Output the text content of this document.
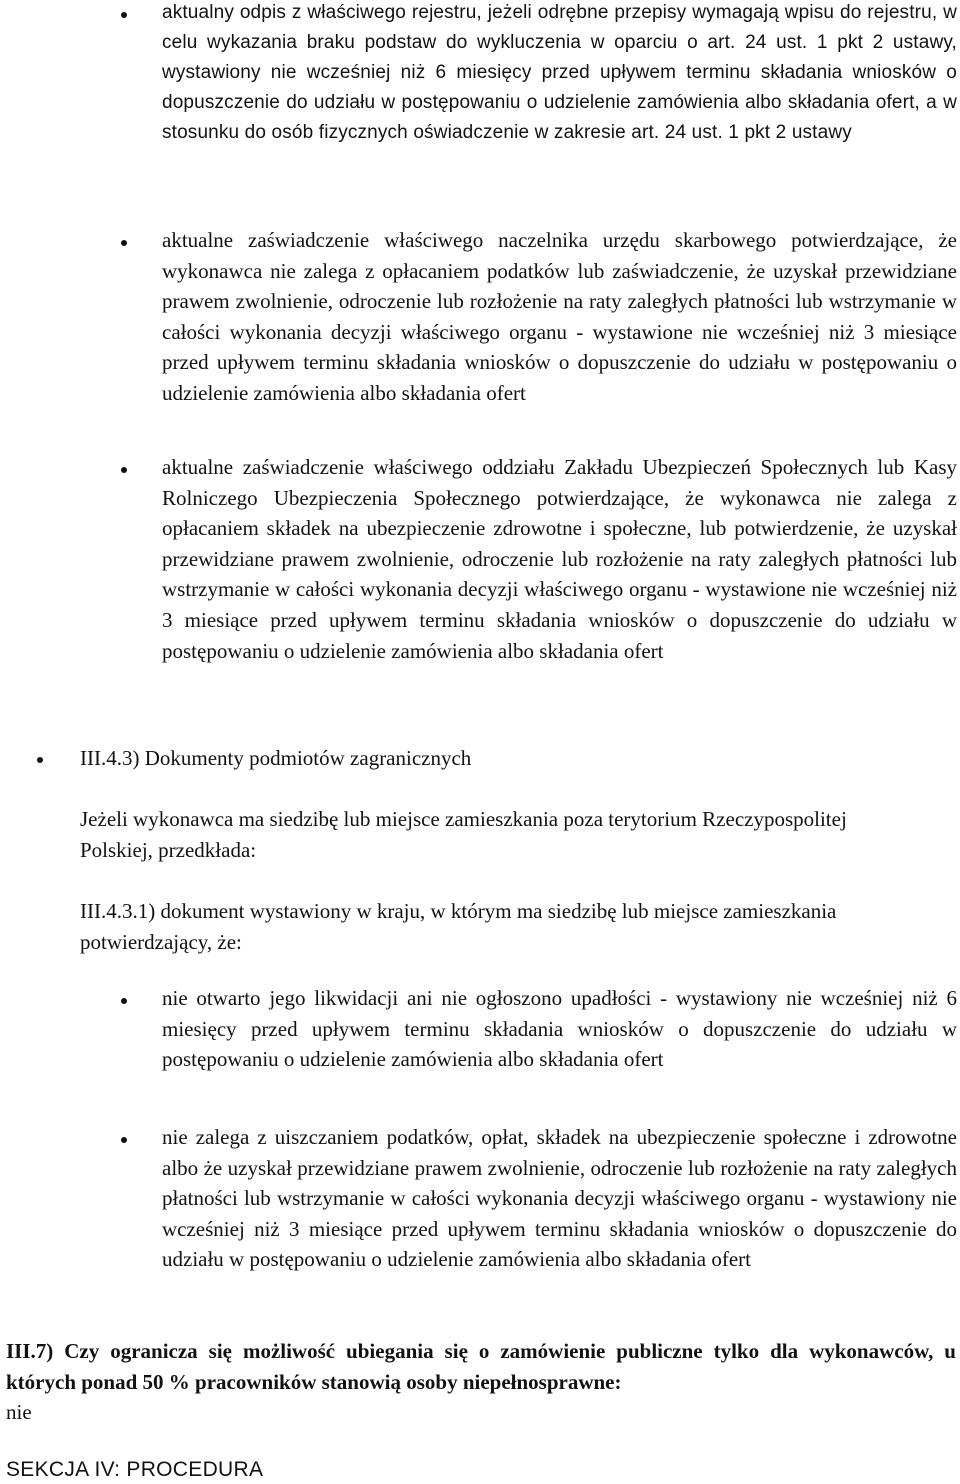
aktualny odpis z właściwego rejestru, jeżeli odrębne przepisy wymagają wpisu do rejestru, w celu wykazania braku podstaw do wykluczenia w oparciu o art. 24 ust. 1 pkt 2 ustawy, wystawiony nie wcześniej niż 6 miesięcy przed upływem terminu składania wniosków o dopuszczenie do udziału w postępowaniu o udzielenie zamówienia albo składania ofert, a w stosunku do osób fizycznych oświadczenie w zakresie art. 24 ust. 1 pkt 2 ustawy

aktualne zaświadczenie właściwego naczelnika urzędu skarbowego potwierdzające, że wykonawca nie zalega z opłacaniem podatków lub zaświadczenie, że uzyskał przewidziane prawem zwolnienie, odroczenie lub rozłożenie na raty zaległych płatności lub wstrzymanie w całości wykonania decyzji właściwego organu - wystawione nie wcześniej niż 3 miesiące przed upływem terminu składania wniosków o dopuszczenie do udziału w postępowaniu o udzielenie zamówienia albo składania ofert

aktualne zaświadczenie właściwego oddziału Zakładu Ubezpieczeń Społecznych lub Kasy Rolniczego Ubezpieczenia Społecznego potwierdzające, że wykonawca nie zalega z opłacaniem składek na ubezpieczenie zdrowotne i społeczne, lub potwierdzenie, że uzyskał przewidziane prawem zwolnienie, odroczenie lub rozłożenie na raty zaległych płatności lub wstrzymanie w całości wykonania decyzji właściwego organu - wystawione nie wcześniej niż 3 miesiące przed upływem terminu składania wniosków o dopuszczenie do udziału w postępowaniu o udzielenie zamówienia albo składania ofert

III.4.3) Dokumenty podmiotów zagranicznych

Jeżeli wykonawca ma siedzibę lub miejsce zamieszkania poza terytorium Rzeczypospolitej Polskiej, przedkłada:

III.4.3.1) dokument wystawiony w kraju, w którym ma siedzibę lub miejsce zamieszkania potwierdzający, że:

nie otwarto jego likwidacji ani nie ogłoszono upadłości - wystawiony nie wcześniej niż 6 miesięcy przed upływem terminu składania wniosków o dopuszczenie do udziału w postępowaniu o udzielenie zamówienia albo składania ofert

nie zalega z uiszczaniem podatków, opłat, składek na ubezpieczenie społeczne i zdrowotne albo że uzyskał przewidziane prawem zwolnienie, odroczenie lub rozłożenie na raty zaległych płatności lub wstrzymanie w całości wykonania decyzji właściwego organu - wystawiony nie wcześniej niż 3 miesiące przed upływem terminu składania wniosków o dopuszczenie do udziału w postępowaniu o udzielenie zamówienia albo składania ofert

III.7) Czy ogranicza się możliwość ubiegania się o zamówienie publiczne tylko dla wykonawców, u których ponad 50 % pracowników stanowią osoby niepełnosprawne:

nie

SEKCJA IV: PROCEDURA
